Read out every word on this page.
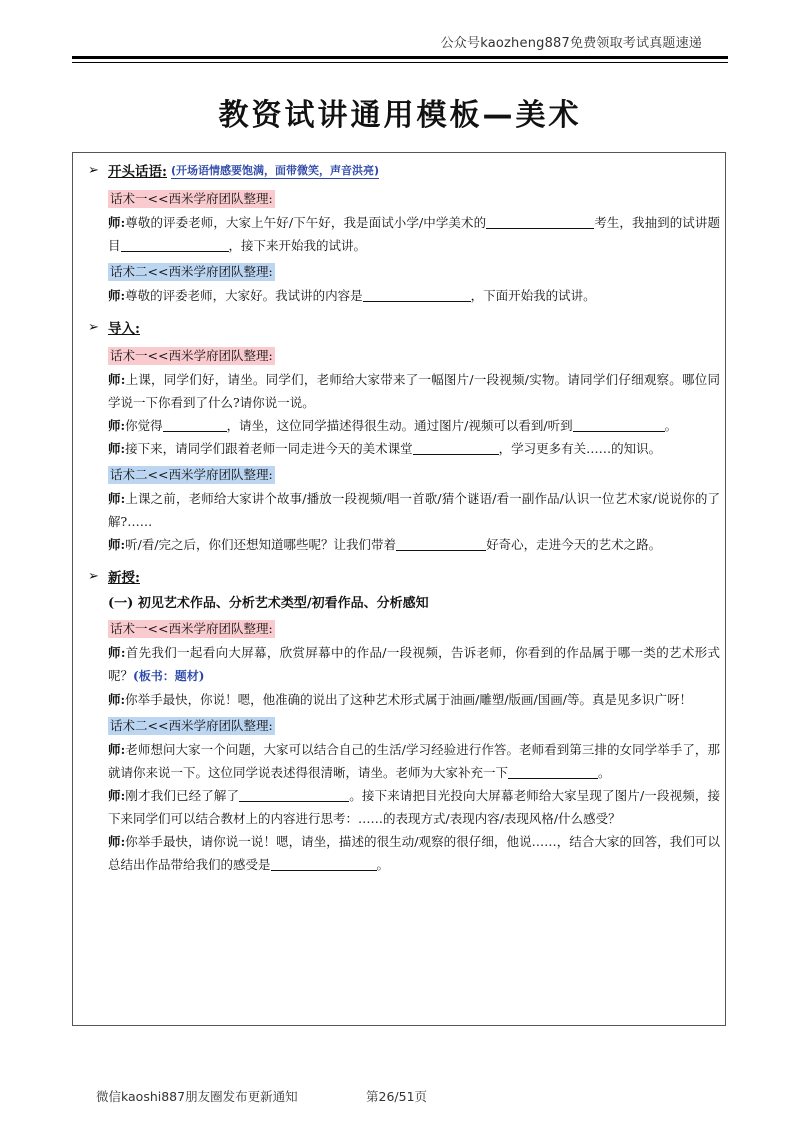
公众号kaozheng887免费领取考试真题速递
教资试讲通用模板—美术
➢ 开头话语: (开场语情感要饱满，面带微笑，声音洪亮)
话术一<<西米学府团队整理:
师:尊敬的评委老师，大家上午好/下午好，我是面试小学/中学美术的	考生，我抽到的试讲题目	，接下来开始我的试讲。
话术二<<西米学府团队整理:
师:尊敬的评委老师，大家好。我试讲的内容是	，下面开始我的试讲。
➢ 导入:
话术一<<西米学府团队整理:
师:上课，同学们好，请坐。同学们，老师给大家带来了一幅图片/一段视频/实物。请同学们仔细观察。哪位同学说一下你看到了什么?请你说一说。
师:你觉得	，请坐，这位同学描述得很生动。通过图片/视频可以看到/听到	。
师:接下来，请同学们跟着老师一同走进今天的美术课堂	，学习更多有关……的知识。
话术二<<西米学府团队整理:
师:上课之前，老师给大家讲个故事/播放一段视频/唱一首歌/猜个谜语/看一副作品/认识一位艺术家/说说你的了解?……
师:听/看/完之后，你们还想知道哪些呢？让我们带着	好奇心，走进今天的艺术之路。
➢ 新授:
(一) 初见艺术作品、分析艺术类型/初看作品、分析感知
话术一<<西米学府团队整理:
师:首先我们一起看向大屏幕，欣赏屏幕中的作品/一段视频，告诉老师，你看到的作品属于哪一类的艺术形式呢？(板书：题材)
师:你举手最快，你说！嗯，他准确的说出了这种艺术形式属于油画/雕塑/版画/国画/等。真是见多识广呀！
话术二<<西米学府团队整理:
师:老师想问大家一个问题，大家可以结合自己的生活/学习经验进行作答。老师看到第三排的女同学举手了，那就请你来说一下。这位同学说表述得很清晰，请坐。老师为大家补充一下	。
师:刚才我们已经了解了	。接下来请把目光投向大屏幕老师给大家呈现了图片/一段视频，接下来同学们可以结合教材上的内容进行思考：……的表现方式/表现内容/表现风格/什么感受？
师:你举手最快，请你说一说！嗯，请坐，描述的很生动/观察的很仔细，他说……，结合大家的回答，我们可以总结出作品带给我们的感受是	。
微信kaoshi887朋友圈发布更新通知	第26/51页
